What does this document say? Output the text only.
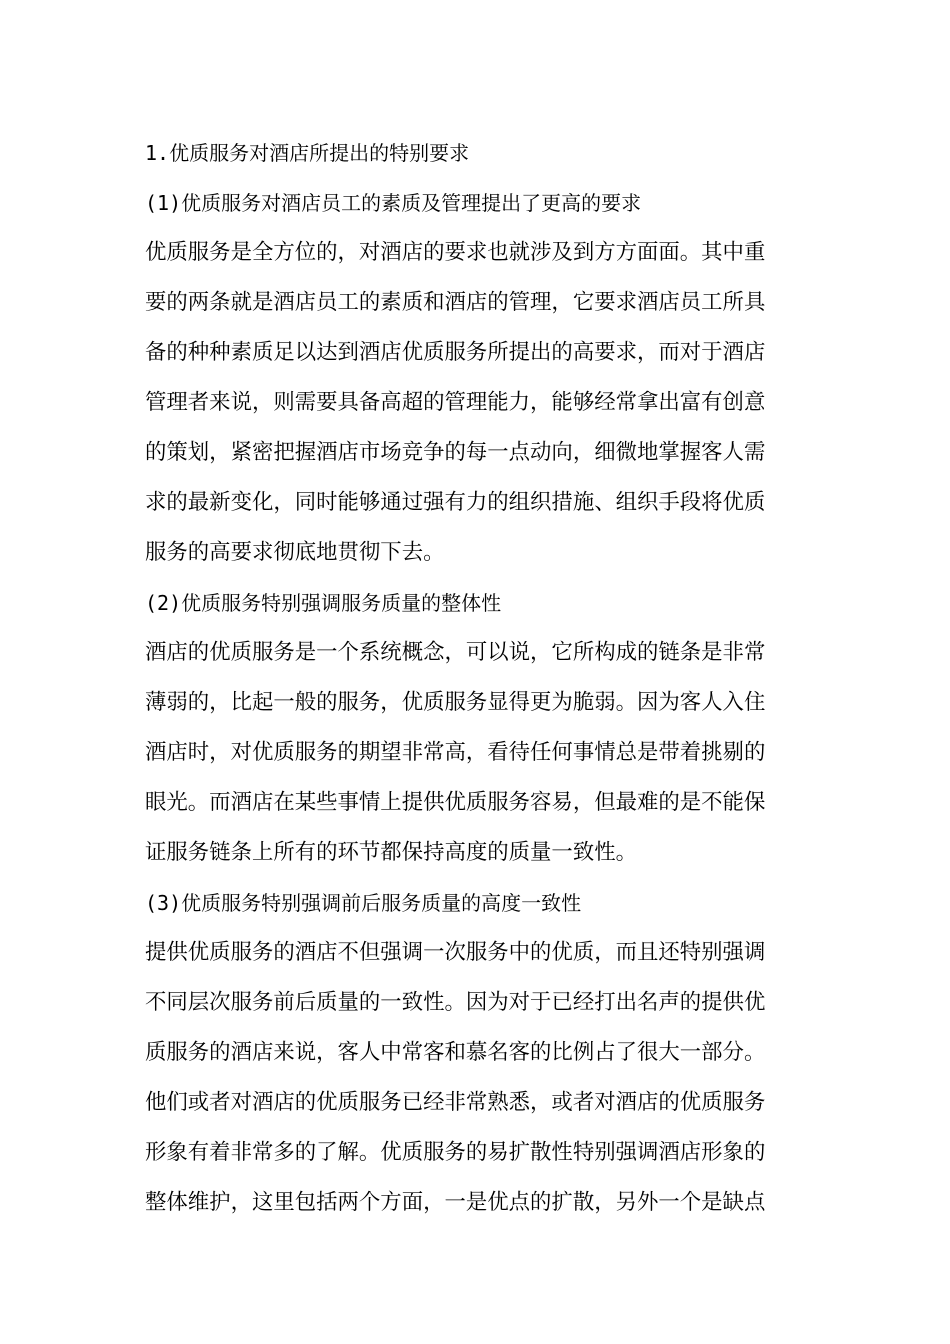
1.优质服务对酒店所提出的特别要求
(1)优质服务对酒店员工的素质及管理提出了更高的要求
优质服务是全方位的，对酒店的要求也就涉及到方方面面。其中重
要的两条就是酒店员工的素质和酒店的管理，它要求酒店员工所具
备的种种素质足以达到酒店优质服务所提出的高要求，而对于酒店
管理者来说，则需要具备高超的管理能力，能够经常拿出富有创意
的策划，紧密把握酒店市场竞争的每一点动向，细微地掌握客人需
求的最新变化，同时能够通过强有力的组织措施、组织手段将优质
服务的高要求彻底地贯彻下去。
(2)优质服务特别强调服务质量的整体性
酒店的优质服务是一个系统概念，可以说，它所构成的链条是非常
薄弱的，比起一般的服务，优质服务显得更为脆弱。因为客人入住
酒店时，对优质服务的期望非常高，看待任何事情总是带着挑剔的
眼光。而酒店在某些事情上提供优质服务容易，但最难的是不能保
证服务链条上所有的环节都保持高度的质量一致性。
(3)优质服务特别强调前后服务质量的高度一致性
提供优质服务的酒店不但强调一次服务中的优质，而且还特别强调
不同层次服务前后质量的一致性。因为对于已经打出名声的提供优
质服务的酒店来说，客人中常客和慕名客的比例占了很大一部分。
他们或者对酒店的优质服务已经非常熟悉，或者对酒店的优质服务
形象有着非常多的了解。优质服务的易扩散性特别强调酒店形象的
整体维护，这里包括两个方面，一是优点的扩散，另外一个是缺点
